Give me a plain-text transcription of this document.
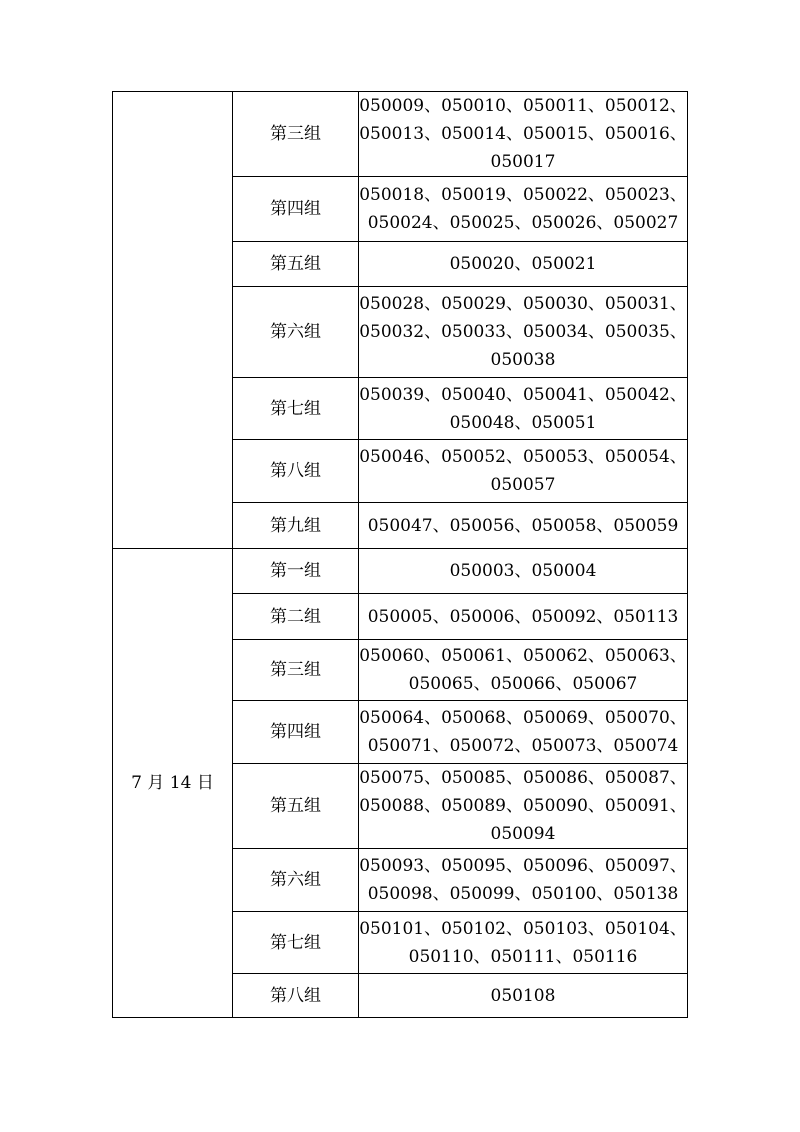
	第三组	050009、050010、050011、050012、050013、050014、050015、050016、050017
	第四组	050018、050019、050022、050023、050024、050025、050026、050027
	第五组	050020、050021
	第六组	050028、050029、050030、050031、050032、050033、050034、050035、050038
	第七组	050039、050040、050041、050042、050048、050051
	第八组	050046、050052、050053、050054、050057
	第九组	050047、050056、050058、050059
7 月 14 日	第一组	050003、050004
	第二组	050005、050006、050092、050113
	第三组	050060、050061、050062、050063、050065、050066、050067
	第四组	050064、050068、050069、050070、050071、050072、050073、050074
	第五组	050075、050085、050086、050087、050088、050089、050090、050091、050094
	第六组	050093、050095、050096、050097、050098、050099、050100、050138
	第七组	050101、050102、050103、050104、050110、050111、050116
	第八组	050108
